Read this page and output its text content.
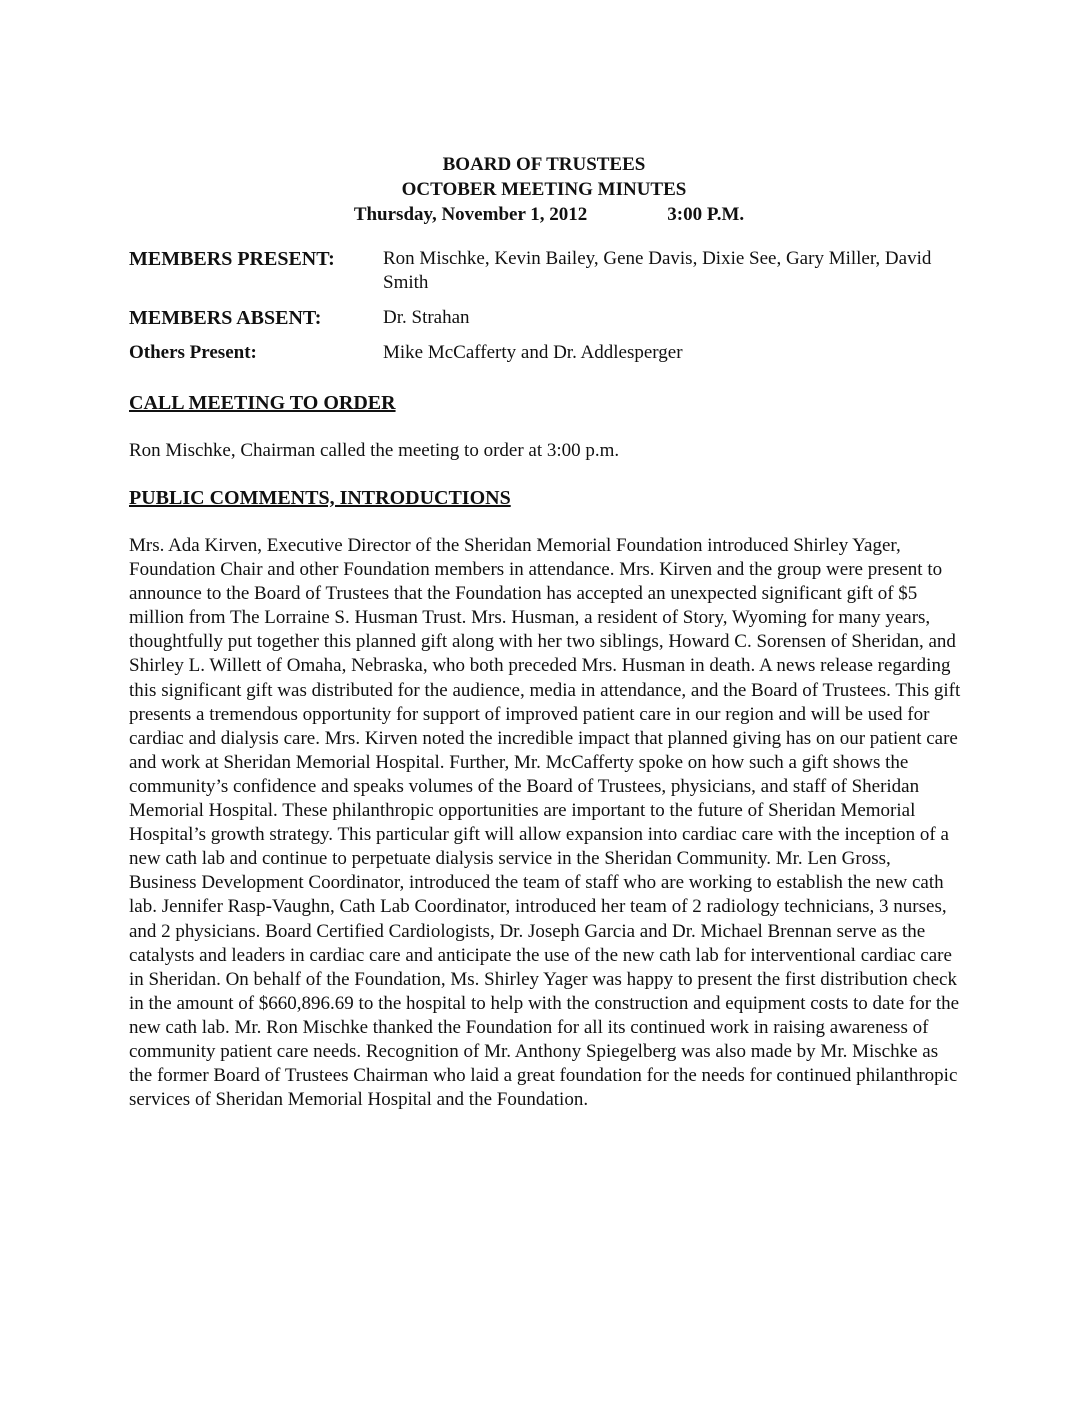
BOARD OF TRUSTEES
OCTOBER MEETING MINUTES
Thursday, November 1, 2012	3:00 P.M.
MEMBERS PRESENT:	Ron Mischke, Kevin Bailey, Gene Davis, Dixie See, Gary Miller, David Smith
MEMBERS ABSENT:	Dr. Strahan
Others Present:	Mike McCafferty and Dr. Addlesperger
CALL MEETING TO ORDER
Ron Mischke, Chairman called the meeting to order at 3:00 p.m.
PUBLIC COMMENTS, INTRODUCTIONS
Mrs. Ada Kirven, Executive Director of the Sheridan Memorial Foundation introduced Shirley Yager, Foundation Chair and other Foundation members in attendance. Mrs. Kirven and the group were present to announce to the Board of Trustees that the Foundation has accepted an unexpected significant gift of $5 million from The Lorraine S. Husman Trust. Mrs. Husman, a resident of Story, Wyoming for many years, thoughtfully put together this planned gift along with her two siblings, Howard C. Sorensen of Sheridan, and Shirley L. Willett of Omaha, Nebraska, who both preceded Mrs. Husman in death. A news release regarding this significant gift was distributed for the audience, media in attendance, and the Board of Trustees. This gift presents a tremendous opportunity for support of improved patient care in our region and will be used for cardiac and dialysis care. Mrs. Kirven noted the incredible impact that planned giving has on our patient care and work at Sheridan Memorial Hospital. Further, Mr. McCafferty spoke on how such a gift shows the community’s confidence and speaks volumes of the Board of Trustees, physicians, and staff of Sheridan Memorial Hospital. These philanthropic opportunities are important to the future of Sheridan Memorial Hospital’s growth strategy. This particular gift will allow expansion into cardiac care with the inception of a new cath lab and continue to perpetuate dialysis service in the Sheridan Community. Mr. Len Gross, Business Development Coordinator, introduced the team of staff who are working to establish the new cath lab. Jennifer Rasp-Vaughn, Cath Lab Coordinator, introduced her team of 2 radiology technicians, 3 nurses, and 2 physicians. Board Certified Cardiologists, Dr. Joseph Garcia and Dr. Michael Brennan serve as the catalysts and leaders in cardiac care and anticipate the use of the new cath lab for interventional cardiac care in Sheridan. On behalf of the Foundation, Ms. Shirley Yager was happy to present the first distribution check in the amount of $660,896.69 to the hospital to help with the construction and equipment costs to date for the new cath lab. Mr. Ron Mischke thanked the Foundation for all its continued work in raising awareness of community patient care needs. Recognition of Mr. Anthony Spiegelberg was also made by Mr. Mischke as the former Board of Trustees Chairman who laid a great foundation for the needs for continued philanthropic services of Sheridan Memorial Hospital and the Foundation.
